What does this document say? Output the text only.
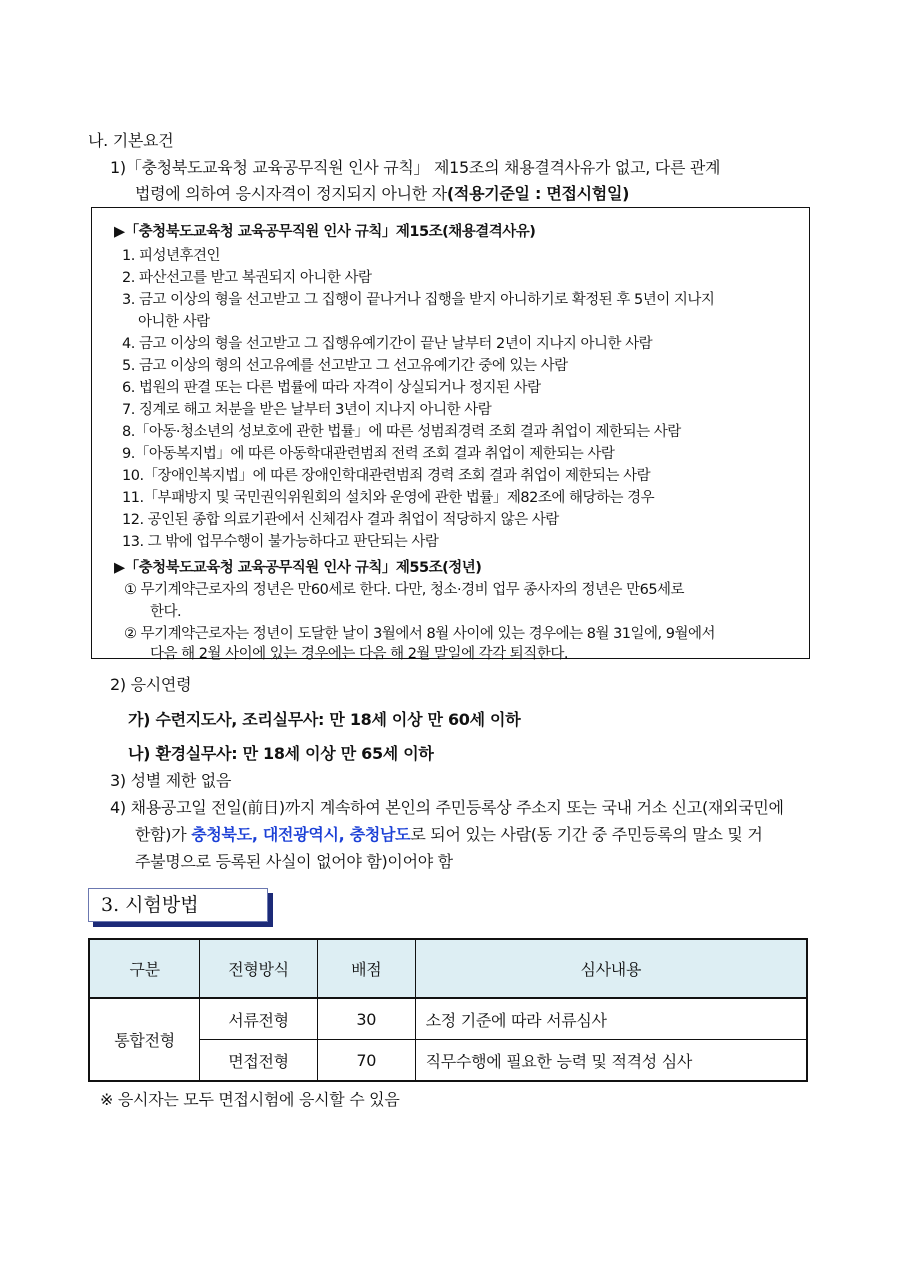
나. 기본요건
1)「충청북도교육청 교육공무직원 인사 규칙」 제15조의 채용결격사유가 없고, 다른 관계
법령에 의하여 응시자격이 정지되지 아니한 자(적용기준일 : 면접시험일)
▶「충청북도교육청 교육공무직원 인사 규칙」제15조(채용결격사유)
1. 피성년후견인
2. 파산선고를 받고 복권되지 아니한 사람
3. 금고 이상의 형을 선고받고 그 집행이 끝나거나 집행을 받지 아니하기로 확정된 후 5년이 지나지
아니한 사람
4. 금고 이상의 형을 선고받고 그 집행유예기간이 끝난 날부터 2년이 지나지 아니한 사람
5. 금고 이상의 형의 선고유예를 선고받고 그 선고유예기간 중에 있는 사람
6. 법원의 판결 또는 다른 법률에 따라 자격이 상실되거나 정지된 사람
7. 징계로 해고 처분을 받은 날부터 3년이 지나지 아니한 사람
8.「아동·청소년의 성보호에 관한 법률」에 따른 성범죄경력 조회 결과 취업이 제한되는 사람
9.「아동복지법」에 따른 아동학대관련범죄 전력 조회 결과 취업이 제한되는 사람
10.「장애인복지법」에 따른 장애인학대관련범죄 경력 조회 결과 취업이 제한되는 사람
11.「부패방지 및 국민권익위원회의 설치와 운영에 관한 법률」제82조에 해당하는 경우
12. 공인된 종합 의료기관에서 신체검사 결과 취업이 적당하지 않은 사람
13. 그 밖에 업무수행이 불가능하다고 판단되는 사람
▶「충청북도교육청 교육공무직원 인사 규칙」제55조(정년)
① 무기계약근로자의 정년은 만60세로 한다. 다만, 청소·경비 업무 종사자의 정년은 만65세로
한다.
② 무기계약근로자는 정년이 도달한 날이 3월에서 8월 사이에 있는 경우에는 8월 31일에, 9월에서
다음 해 2월 사이에 있는 경우에는 다음 해 2월 말일에 각각 퇴직한다.
2) 응시연령
가) 수련지도사, 조리실무사: 만 18세 이상 만 60세 이하
나) 환경실무사: 만 18세 이상 만 65세 이하
3) 성별 제한 없음
4) 채용공고일 전일(前日)까지 계속하여 본인의 주민등록상 주소지 또는 국내 거소 신고(재외국민에
한함)가 충청북도, 대전광역시, 충청남도로 되어 있는 사람(동 기간 중 주민등록의 말소 및 거
주불명으로 등록된 사실이 없어야 함)이어야 함
3. 시험방법
구분	전형방식	배점	심사내용
통합전형	서류전형	30	소정 기준에 따라 서류심사
	면접전형	70	직무수행에 필요한 능력 및 적격성 심사
※ 응시자는 모두 면접시험에 응시할 수 있음
